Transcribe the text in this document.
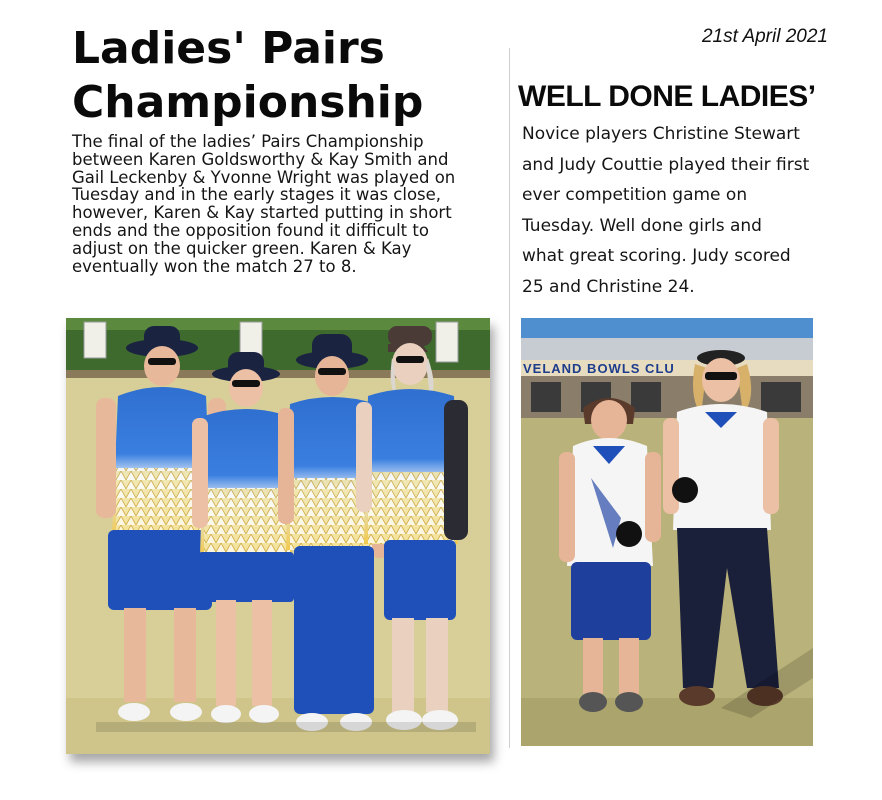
Ladies' Pairs
Championship

The final of the ladies’ Pairs Championship
between Karen Goldsworthy & Kay Smith and
Gail Leckenby & Yvonne Wright was played on
Tuesday and in the early stages it was close,
however, Karen & Kay started putting in short
ends and the opposition found it difficult to
adjust on the quicker green. Karen & Kay
eventually won the match 27 to 8.

21st April 2021
WELL DONE LADIES’

Novice players Christine Stewart
and Judy Couttie played their first
ever competition game on
Tuesday. Well done girls and
what great scoring. Judy scored
25 and Christine 24.

VELAND BOWLS CLU
